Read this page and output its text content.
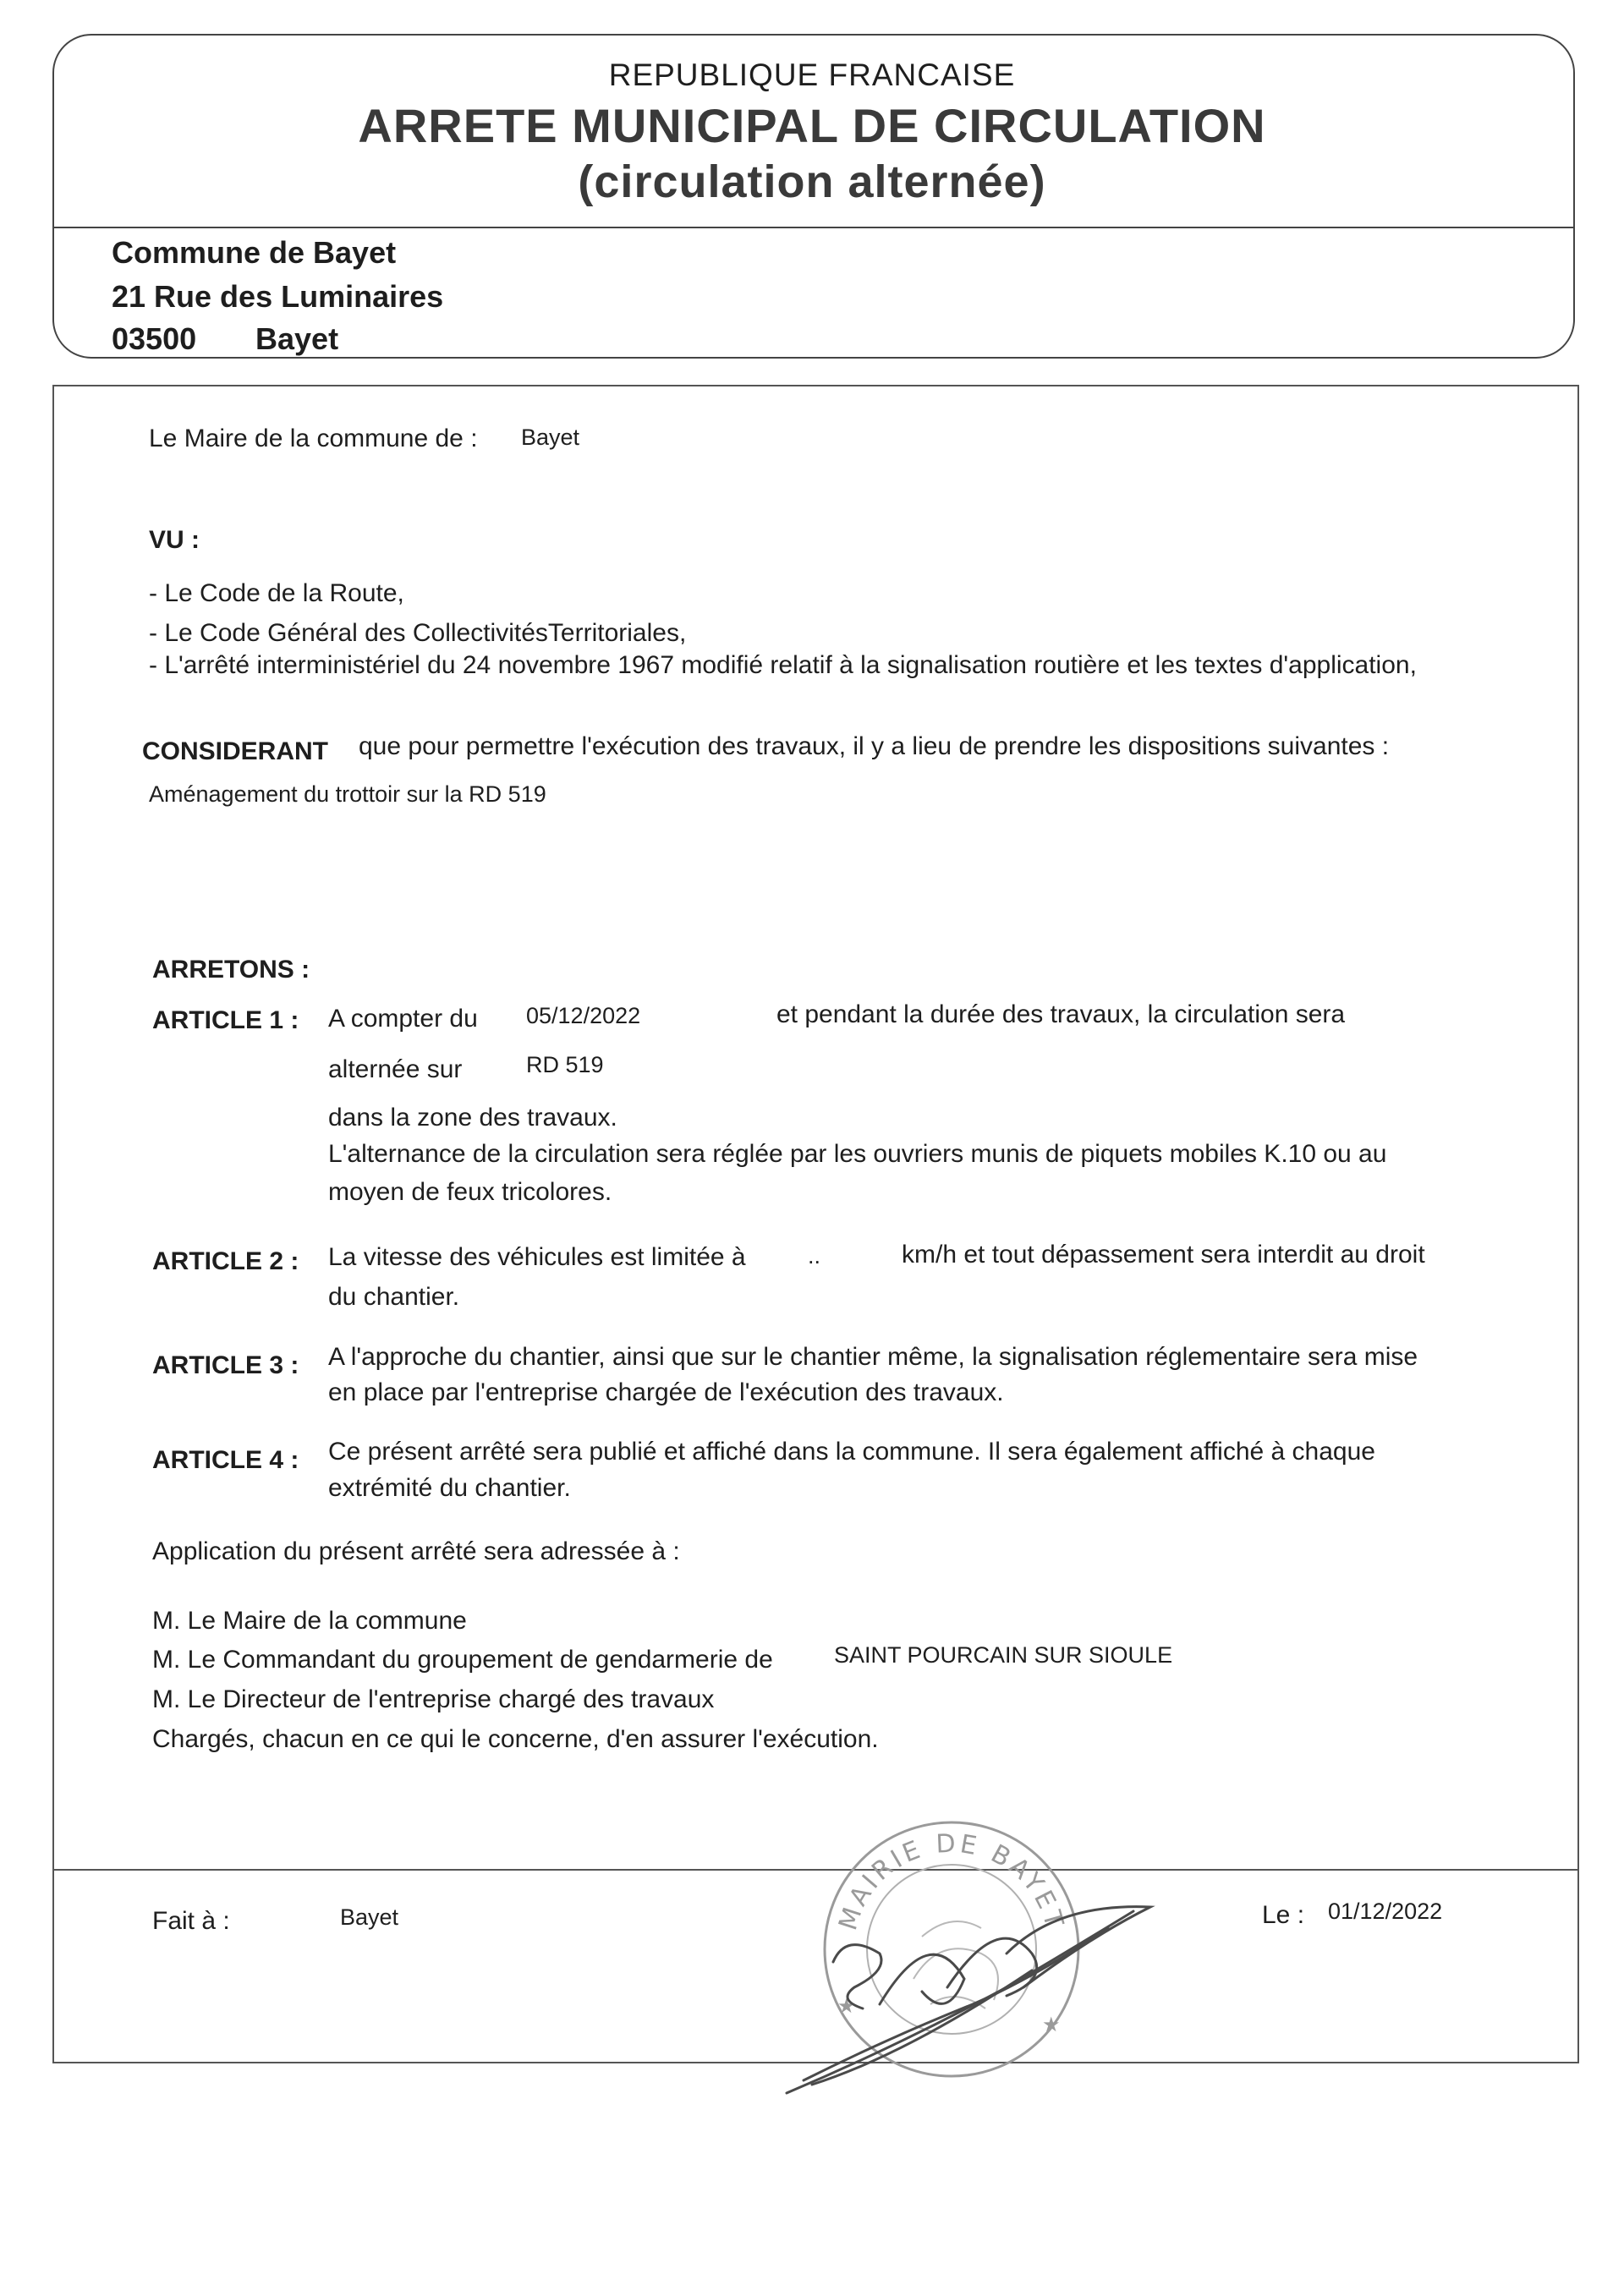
REPUBLIQUE FRANCAISE
ARRETE MUNICIPAL DE CIRCULATION
(circulation alternée)
Commune de Bayet
21 Rue des Luminaires
03500 Bayet
Le Maire de la commune de : Bayet
VU :
- Le Code de la Route,
- Le Code Général des CollectivitésTerritoriales,
- L'arrêté interministériel du 24 novembre 1967 modifié relatif à la signalisation routière et les textes d'application,
CONSIDERANT que pour permettre l'exécution des travaux, il y a lieu de prendre les dispositions suivantes :
Aménagement du trottoir sur la RD 519
ARRETONS :
ARTICLE 1 : A compter du 05/12/2022	et pendant la durée des travaux, la circulation sera
alternée sur	RD 519
dans la zone des travaux.
L'alternance de la circulation sera réglée par les ouvriers munis de piquets mobiles K.10 ou au
moyen de feux tricolores.
ARTICLE 2 : La vitesse des véhicules est limitée à	..	km/h et tout dépassement sera interdit au droit
du chantier.
ARTICLE 3 : A l'approche du chantier, ainsi que sur le chantier même, la signalisation réglementaire sera mise
en place par l'entreprise chargée de l'exécution des travaux.
ARTICLE 4 : Ce présent arrêté sera publié et affiché dans la commune. Il sera également affiché à chaque
extrémité du chantier.
Application du présent arrêté sera adressée à :
M. Le Maire de la commune
M. Le Commandant du groupement de gendarmerie de	SAINT POURCAIN SUR SIOULE
M. Le Directeur de l'entreprise chargé des travaux
Chargés, chacun en ce qui le concerne, d'en assurer l'exécution.
Fait à :	Bayet	Le : 01/12/2022
MAIRIE DE BAYET
★
★
